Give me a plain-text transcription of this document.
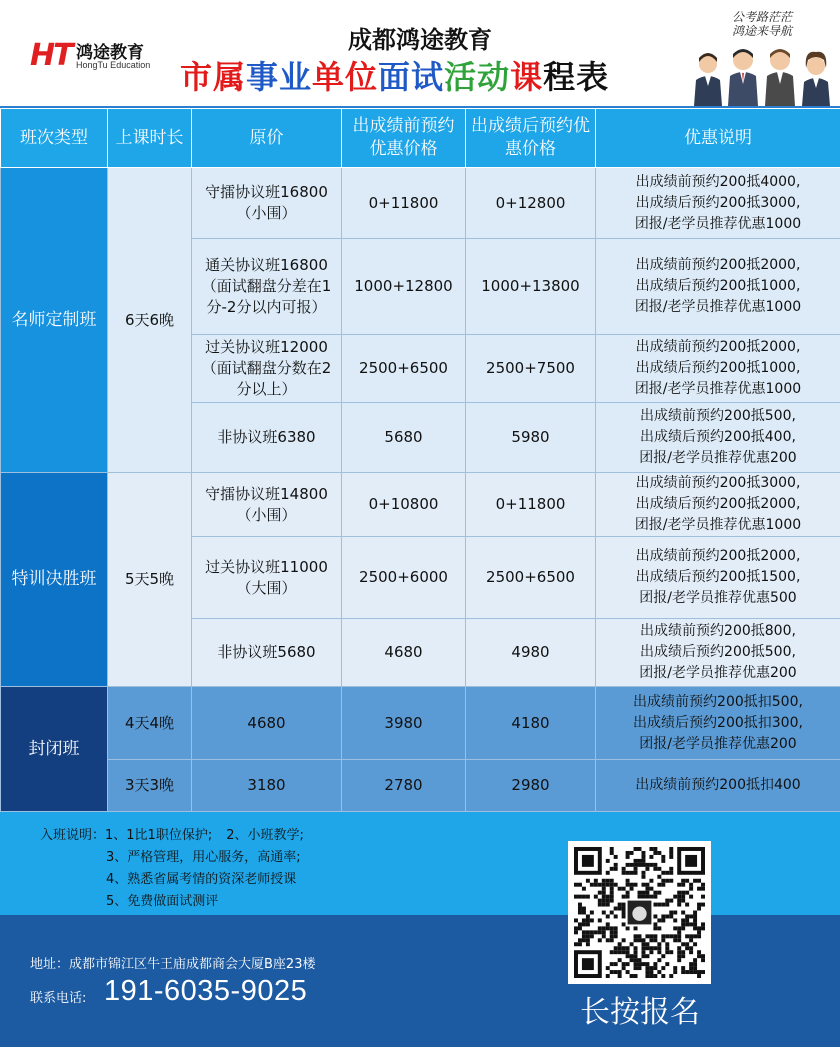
HT 鸿途教育
HongTu Education
成都鸿途教育
市属事业单位面试活动课程表
公考路茫茫
鸿途来导航
班次类型	上课时长	原价	出成绩前预约优惠价格	出成绩后预约优惠价格	优惠说明
名师定制班	6天6晚	守擂协议班16800（小围）	0+11800	0+12800	出成绩前预约200抵4000,
出成绩后预约200抵3000,
团报/老学员推荐优惠1000

		通关协议班16800（面试翻盘分差在1分-2分以内可报）	1000+12800	1000+13800	出成绩前预约200抵2000,
出成绩后预约200抵1000,
团报/老学员推荐优惠1000

		过关协议班12000（面试翻盘分数在2分以上）	2500+6500	2500+7500	出成绩前预约200抵2000,
出成绩后预约200抵1000,
团报/老学员推荐优惠1000

		非协议班6380	5680	5980	出成绩前预约200抵500,
出成绩后预约200抵400,
团报/老学员推荐优惠200

特训决胜班	5天5晚	守擂协议班14800（小围）	0+10800	0+11800	出成绩前预约200抵3000,
出成绩后预约200抵2000,
团报/老学员推荐优惠1000

		过关协议班11000（大围）	2500+6000	2500+6500	出成绩前预约200抵2000,
出成绩后预约200抵1500,
团报/老学员推荐优惠500

		非协议班5680	4680	4980	出成绩前预约200抵800,
出成绩后预约200抵500,
团报/老学员推荐优惠200

封闭班	4天4晚	4680	3980	4180	出成绩前预约200抵扣500,
出成绩后预约200抵扣300,
团报/老学员推荐优惠200

	3天3晚	3180	2780	2980	出成绩前预约200抵扣400

入班说明：1、1比1职位保护; 2、小班教学;

3、严格管理，用心服务，高通率;

4、熟悉省属考情的资深老师授课

5、免费做面试测评

地址：成都市锦江区牛王庙成都商会大厦B座23楼
联系电话: 191-6035-9025
长按报名
